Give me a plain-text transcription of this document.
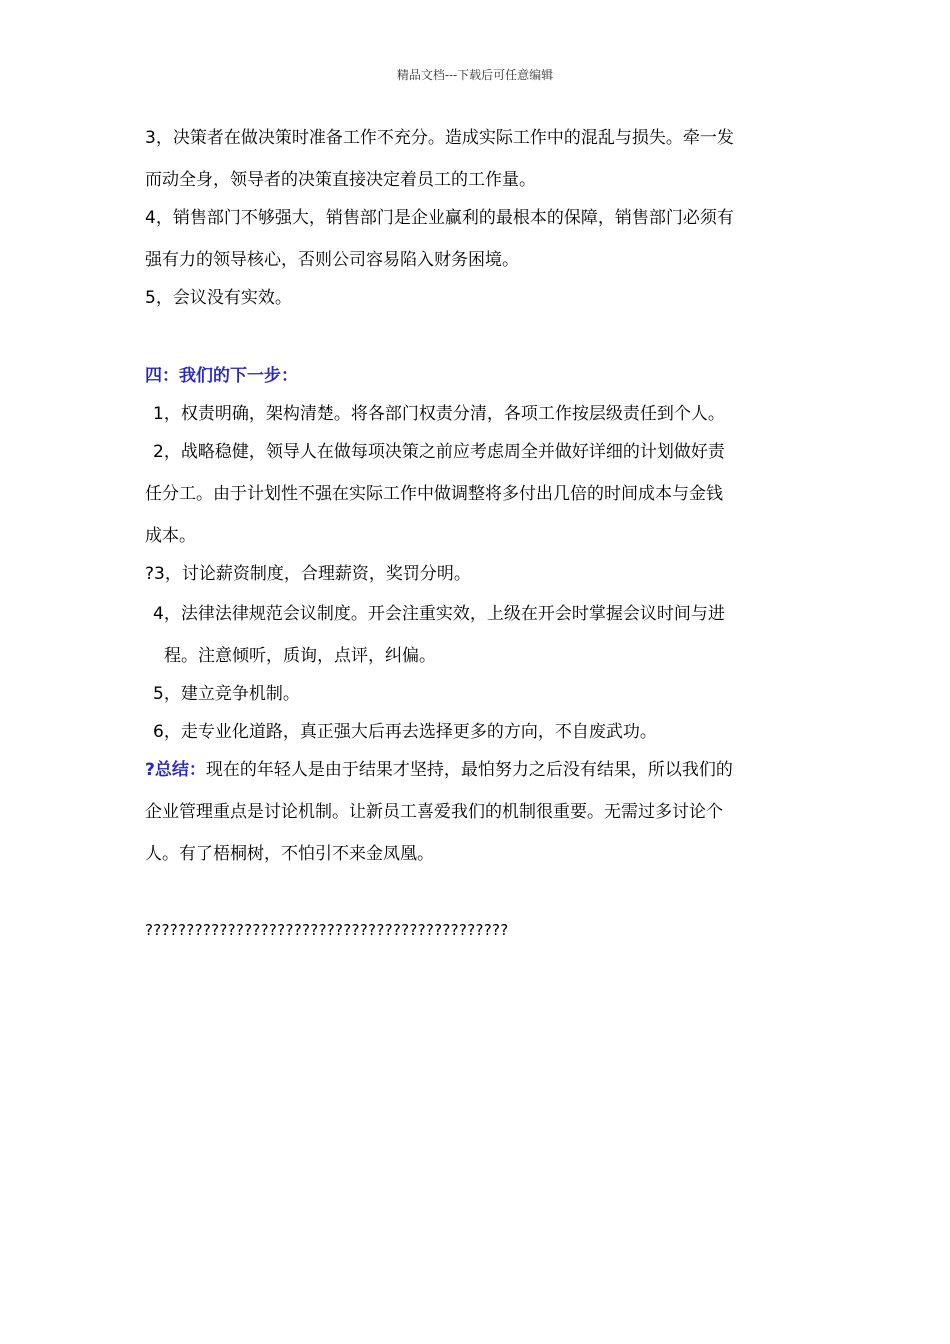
精品文档---下载后可任意编辑
3，决策者在做决策时准备工作不充分。造成实际工作中的混乱与损失。牵一发
而动全身，领导者的决策直接决定着员工的工作量。
4，销售部门不够强大，销售部门是企业赢利的最根本的保障，销售部门必须有
强有力的领导核心，否则公司容易陷入财务困境。
5，会议没有实效。
四：我们的下一步：
1，权责明确，架构清楚。将各部门权责分清，各项工作按层级责任到个人。
2，战略稳健，领导人在做每项决策之前应考虑周全并做好详细的计划做好责
任分工。由于计划性不强在实际工作中做调整将多付出几倍的时间成本与金钱
成本。
?3，讨论薪资制度，合理薪资，奖罚分明。
4，法律法律规范会议制度。开会注重实效，上级在开会时掌握会议时间与进
程。注意倾听，质询，点评，纠偏。
5，建立竞争机制。
6，走专业化道路，真正强大后再去选择更多的方向，不自废武功。
?总结：现在的年轻人是由于结果才坚持，最怕努力之后没有结果，所以我们的
企业管理重点是讨论机制。让新员工喜爱我们的机制很重要。无需过多讨论个
人。有了梧桐树，不怕引不来金凤凰。
????????????????????????????????????????????
